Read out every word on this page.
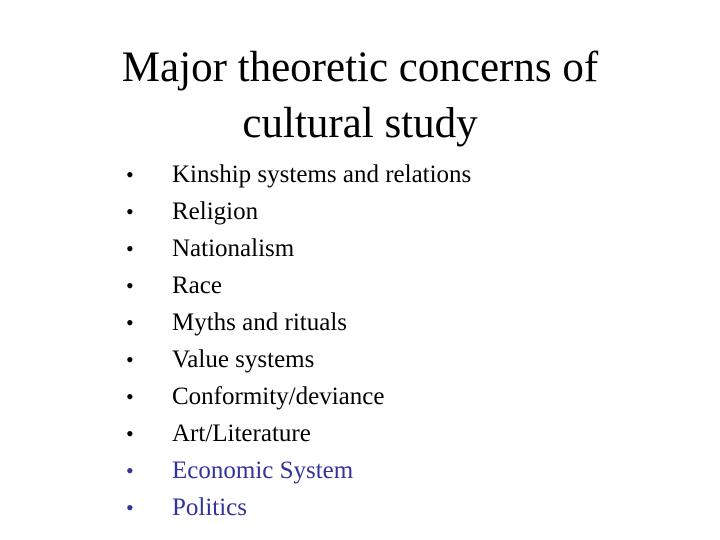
Major theoretic concerns of
cultural study
•	Kinship systems and relations
•	Religion
•	Nationalism
•	Race
•	Myths and rituals
•	Value systems
•	Conformity/deviance
•	Art/Literature
•	Economic System
•	Politics
